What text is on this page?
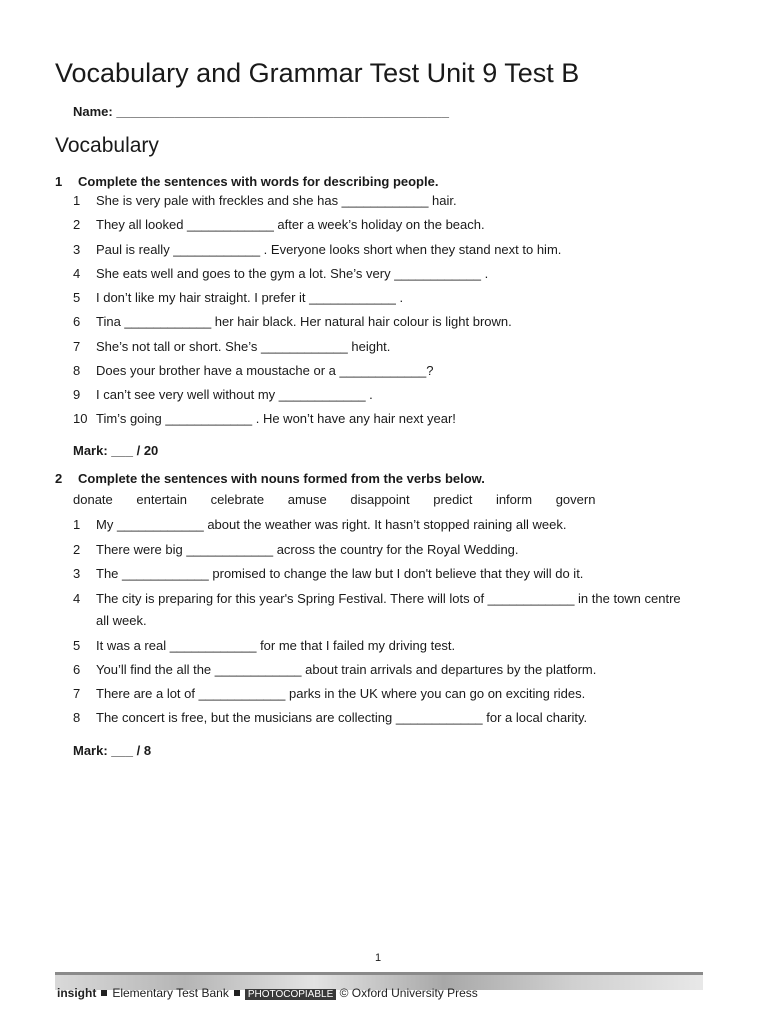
Vocabulary and Grammar Test Unit 9 Test B
Name: ______________________________________________
Vocabulary
1 Complete the sentences with words for describing people.
1 She is very pale with freckles and she has ____________ hair.
2 They all looked ____________ after a week’s holiday on the beach.
3 Paul is really ____________ . Everyone looks short when they stand next to him.
4 She eats well and goes to the gym a lot. She’s very ____________ .
5 I don’t like my hair straight. I prefer it ____________ .
6 Tina ____________ her hair black. Her natural hair colour is light brown.
7 She’s not tall or short. She’s ____________ height.
8 Does your brother have a moustache or a ____________?
9 I can’t see very well without my ____________ .
10 Tim’s going ____________ . He won’t have any hair next year!
Mark: ___ / 20
2 Complete the sentences with nouns formed from the verbs below.
donate entertain celebrate amuse disappoint predict inform govern
1 My ____________ about the weather was right. It hasn’t stopped raining all week.
2 There were big ____________ across the country for the Royal Wedding.
3 The ____________ promised to change the law but I don't believe that they will do it.
4	The city is preparing for this year's Spring Festival. There will lots of ____________ in the town centre all week.
5 It was a real ____________ for me that I failed my driving test.
6 You’ll find the all the ____________ about train arrivals and departures by the platform.
7 There are a lot of ____________ parks in the UK where you can go on exciting rides.
8 The concert is free, but the musicians are collecting ____________ for a local charity.
Mark: ___ / 8
1
insight Elementary Test Bank PHOTOCOPIABLE © Oxford University Press
